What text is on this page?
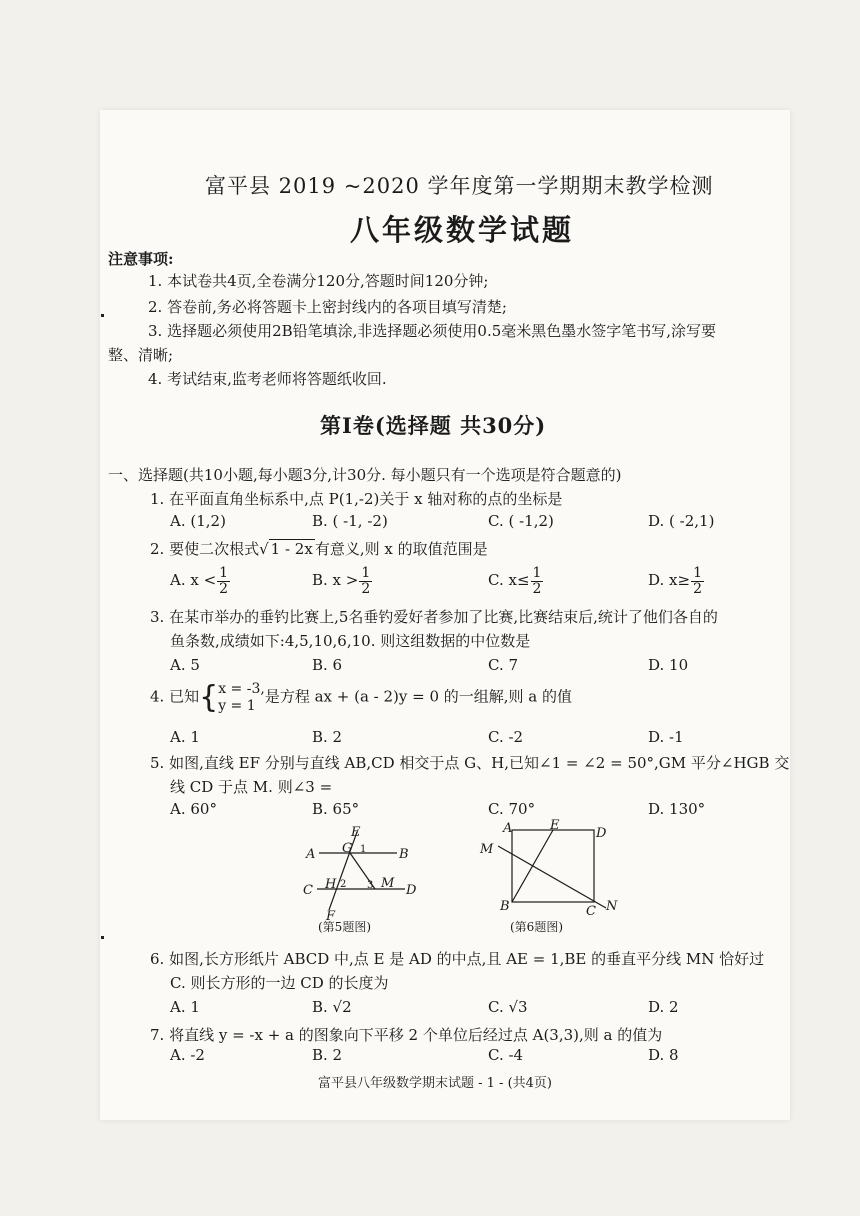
富平县 2019 ~2020 学年度第一学期期末教学检测
八年级数学试题
注意事项:
1. 本试卷共4页,全卷满分120分,答题时间120分钟;
2. 答卷前,务必将答题卡上密封线内的各项目填写清楚;
3. 选择题必须使用2B铅笔填涂,非选择题必须使用0.5毫米黑色墨水签字笔书写,涂写要
整、清晰;
4. 考试结束,监考老师将答题纸收回.
第Ⅰ卷(选择题 共30分)
一、选择题(共10小题,每小题3分,计30分. 每小题只有一个选项是符合题意的)
1. 在平面直角坐标系中,点 P(1,-2)关于 x 轴对称的点的坐标是
A. (1,2)	B. ( -1, -2)	C. ( -1,2)	D. ( -2,1)
2. 要使二次根式√ 1 - 2x 有意义,则 x 的取值范围是
A. $x < \frac{1}{2}$	B. $x > \frac{1}{2}$	C. $x\le \frac{1}{2}$	D. $x\ge \frac{1}{2}$
3. 在某市举办的垂钓比赛上,5名垂钓爱好者参加了比赛,比赛结束后,统计了他们各自的
鱼条数,成绩如下:4,5,10,6,10. 则这组数据的中位数是
A. 5	B. 6	C. 7	D. 10
4. 已知{ x = -3,
y = 1 是方程 ax + (a - 2)y = 0 的一组解,则 a 的值
A. 1	B. 2	C. -2	D. -1
5. 如图,直线 EF 分别与直线 AB,CD 相交于点 G、H,已知∠1 = ∠2 = 50°,GM 平分∠HGB 交
线 CD 于点 M. 则∠3 =
A. 60°	B. 65°	C. 70°	D. 130°
E
A G	B
C H	M D
F
1
2 3
(第5题图)
A	E
D
M
B	C N
(第6题图)
6. 如图,长方形纸片 ABCD 中,点 E 是 AD 的中点,且 AE = 1,BE 的垂直平分线 MN 恰好过
C. 则长方形的一边 CD 的长度为
A. 1	B. √2	C. √3	D. 2
7. 将直线 y = -x + a 的图象向下平移 2 个单位后经过点 A(3,3),则 a 的值为
A. -2	B. 2	C. -4	D. 8
富平县八年级数学期末试题 - 1 - (共4页)
